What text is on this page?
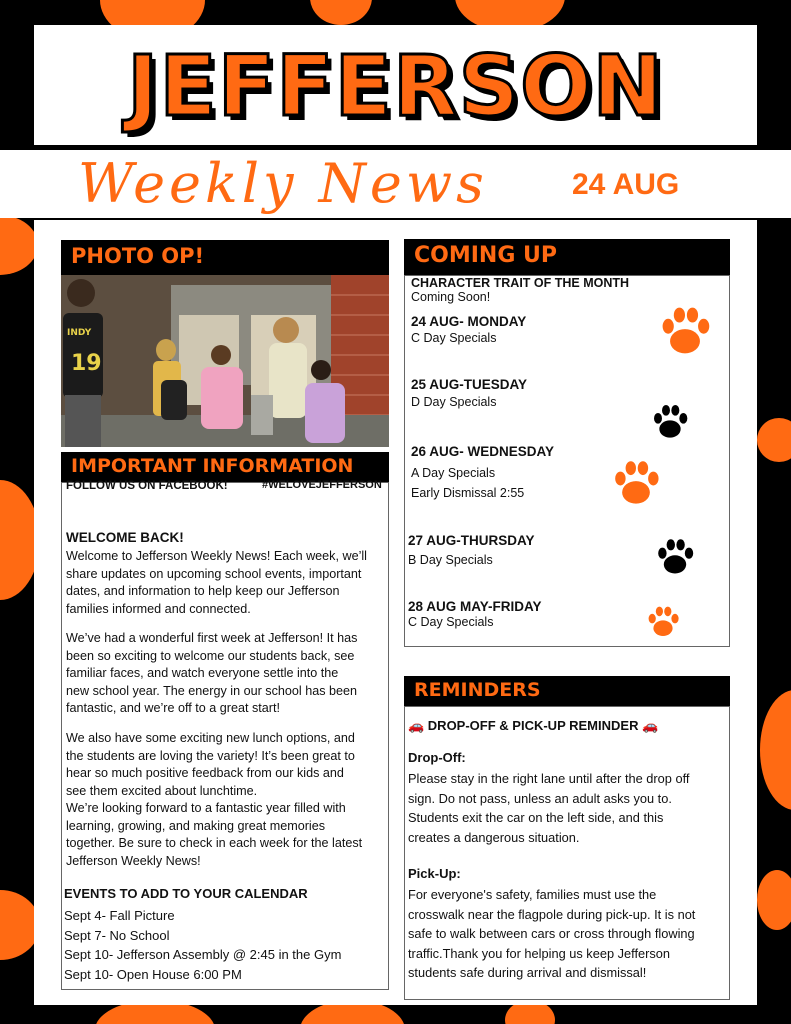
JEFFERSON
Weekly News	24 AUG
PHOTO OP!
19
INDY
IMPORTANT INFORMATION
FOLLOW US ON FACEBOOK!	#WELOVEJEFFERSON
WELCOME BACK!
Welcome to Jefferson Weekly News! Each week, we’ll
share updates on upcoming school events, important
dates, and information to help keep our Jefferson
families informed and connected.
We’ve had a wonderful first week at Jefferson! It has
been so exciting to welcome our students back, see
familiar faces, and watch everyone settle into the
new school year. The energy in our school has been
fantastic, and we’re off to a great start!
We also have some exciting new lunch options, and
the students are loving the variety! It’s been great to
hear so much positive feedback from our kids and
see them excited about lunchtime.
We’re looking forward to a fantastic year filled with
learning, growing, and making great memories
together. Be sure to check in each week for the latest
Jefferson Weekly News!
EVENTS TO ADD TO YOUR CALENDAR
Sept 4- Fall Picture
Sept 7- No School
Sept 10- Jefferson Assembly @ 2:45 in the Gym
Sept 10- Open House 6:00 PM
COMING UP
CHARACTER TRAIT OF THE MONTH
Coming Soon!
24 AUG- MONDAY
C Day Specials
25 AUG-TUESDAY
D Day Specials
26 AUG- WEDNESDAY
A Day Specials
Early Dismissal 2:55
27 AUG-THURSDAY
B Day Specials
28 AUG MAY-FRIDAY
C Day Specials
REMINDERS
🚗 DROP-OFF & PICK-UP REMINDER 🚗
Drop-Off:
Please stay in the right lane until after the drop off
sign. Do not pass, unless an adult asks you to.
Students exit the car on the left side, and this
creates a dangerous situation.
Pick-Up:
For everyone's safety, families must use the
crosswalk near the flagpole during pick-up. It is not
safe to walk between cars or cross through flowing
traffic.Thank you for helping us keep Jefferson
students safe during arrival and dismissal!
